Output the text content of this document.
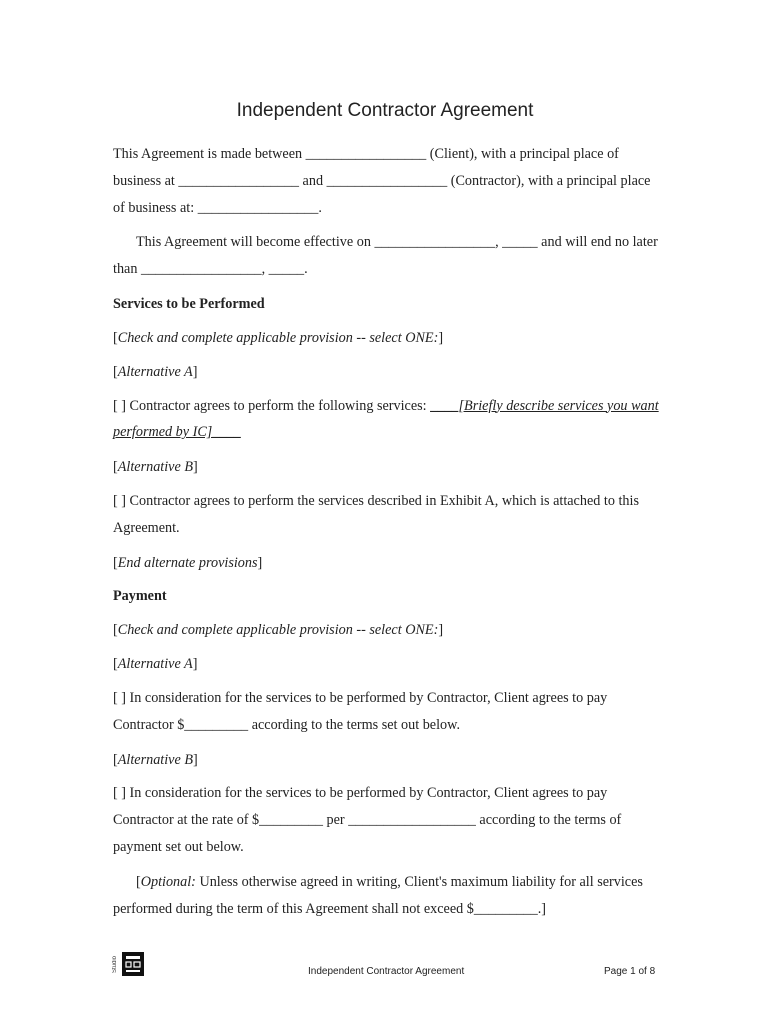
Independent Contractor Agreement

This Agreement is made between _________________ (Client), with a principal place of business at _________________ and _________________ (Contractor), with a principal place of business at: _________________.

This Agreement will become effective on _________________, _____ and will end no later than _________________, _____.

Services to be Performed

[Check and complete applicable provision -- select ONE:]

[Alternative A]

[ ] Contractor agrees to perform the following services: ____[Briefly describe services you want performed by IC]____

[Alternative B]

[ ] Contractor agrees to perform the services described in Exhibit A, which is attached to this Agreement.

[End alternate provisions]

Payment

[Check and complete applicable provision -- select ONE:]

[Alternative A]

[ ] In consideration for the services to be performed by Contractor, Client agrees to pay Contractor $_________ according to the terms set out below.

[Alternative B]

[ ] In consideration for the services to be performed by Contractor, Client agrees to pay Contractor at the rate of $_________ per __________________ according to the terms of payment set out below.

[Optional: Unless otherwise agreed in writing, Client's maximum liability for all services performed during the term of this Agreement shall not exceed $_________.]

Studio	Independent Contractor Agreement	Page 1 of 8
